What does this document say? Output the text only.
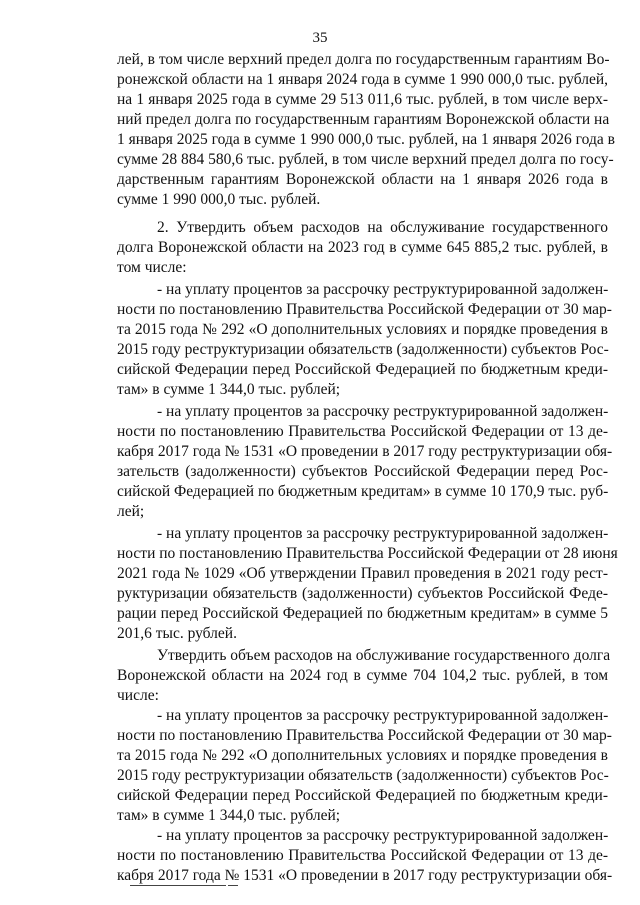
35
лей, в том числе верхний предел долга по государственным гарантиям Во-
ронежской области на 1 января 2024 года в сумме 1 990 000,0 тыс. рублей,
на 1 января 2025 года в сумме 29 513 011,6 тыс. рублей, в том числе верх-
ний предел долга по государственным гарантиям Воронежской области на
1 января 2025 года в сумме 1 990 000,0 тыс. рублей, на 1 января 2026 года в
сумме 28 884 580,6 тыс. рублей, в том числе верхний предел долга по госу-
дарственным гарантиям Воронежской области на 1 января 2026 года в
сумме 1 990 000,0 тыс. рублей.
2. Утвердить объем расходов на обслуживание государственного
долга Воронежской области на 2023 год в сумме 645 885,2 тыс. рублей, в
том числе:
- на уплату процентов за рассрочку реструктурированной задолжен-
ности по постановлению Правительства Российской Федерации от 30 мар-
та 2015 года № 292 «О дополнительных условиях и порядке проведения в
2015 году реструктуризации обязательств (задолженности) субъектов Рос-
сийской Федерации перед Российской Федерацией по бюджетным креди-
там» в сумме 1 344,0 тыс. рублей;
- на уплату процентов за рассрочку реструктурированной задолжен-
ности по постановлению Правительства Российской Федерации от 13 де-
кабря 2017 года № 1531 «О проведении в 2017 году реструктуризации обя-
зательств (задолженности) субъектов Российской Федерации перед Рос-
сийской Федерацией по бюджетным кредитам» в сумме 10 170,9 тыс. руб-
лей;
- на уплату процентов за рассрочку реструктурированной задолжен-
ности по постановлению Правительства Российской Федерации от 28 июня
2021 года № 1029 «Об утверждении Правил проведения в 2021 году рест-
руктуризации обязательств (задолженности) субъектов Российской Феде-
рации перед Российской Федерацией по бюджетным кредитам» в сумме 5
201,6 тыс. рублей.
Утвердить объем расходов на обслуживание государственного долга
Воронежской области на 2024 год в сумме 704 104,2 тыс. рублей, в том
числе:
- на уплату процентов за рассрочку реструктурированной задолжен-
ности по постановлению Правительства Российской Федерации от 30 мар-
та 2015 года № 292 «О дополнительных условиях и порядке проведения в
2015 году реструктуризации обязательств (задолженности) субъектов Рос-
сийской Федерации перед Российской Федерацией по бюджетным креди-
там» в сумме 1 344,0 тыс. рублей;
- на уплату процентов за рассрочку реструктурированной задолжен-
ности по постановлению Правительства Российской Федерации от 13 де-
кабря 2017 года № 1531 «О проведении в 2017 году реструктуризации обя-
